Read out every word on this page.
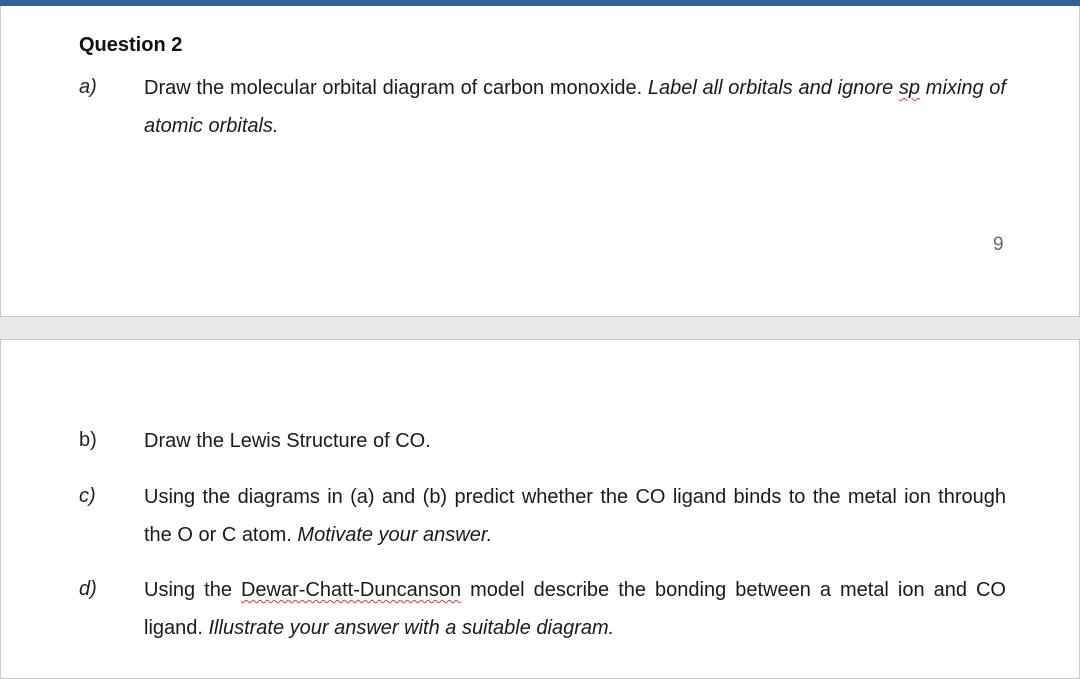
Question 2
a) Draw the molecular orbital diagram of carbon monoxide. Label all orbitals and ignore sp mixing of atomic orbitals.
9
b) Draw the Lewis Structure of CO.
c) Using the diagrams in (a) and (b) predict whether the CO ligand binds to the metal ion through the O or C atom. Motivate your answer.
d) Using the Dewar-Chatt-Duncanson model describe the bonding between a metal ion and CO ligand. Illustrate your answer with a suitable diagram.
